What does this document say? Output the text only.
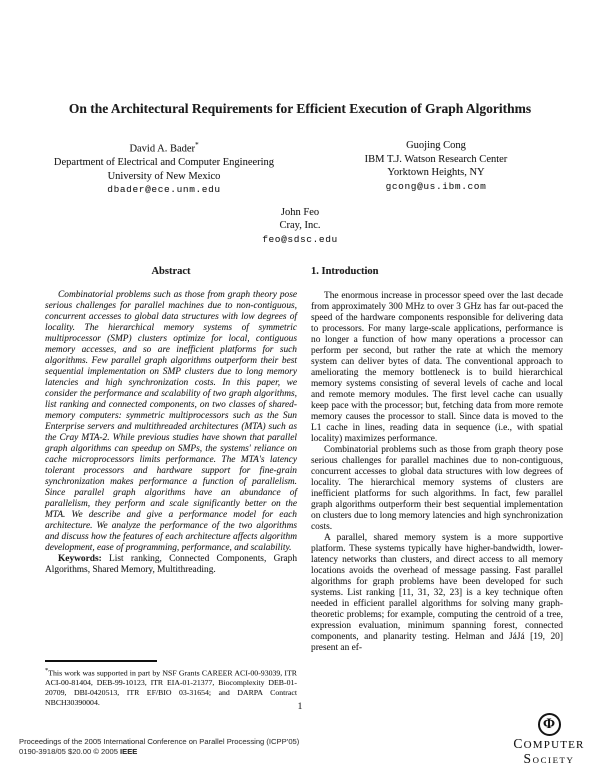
On the Architectural Requirements for Efficient Execution of Graph Algorithms
David A. Bader*
Department of Electrical and Computer Engineering
University of New Mexico
dbader@ece.unm.edu
Guojing Cong
IBM T.J. Watson Research Center
Yorktown Heights, NY
gcong@us.ibm.com
John Feo
Cray, Inc.
feo@sdsc.edu
Abstract

Combinatorial problems such as those from graph theory pose serious challenges for parallel machines due to non-contiguous, concurrent accesses to global data structures with low degrees of locality. The hierarchical memory systems of symmetric multiprocessor (SMP) clusters optimize for local, contiguous memory accesses, and so are inefficient platforms for such algorithms. Few parallel graph algorithms outperform their best sequential implementation on SMP clusters due to long memory latencies and high synchronization costs. In this paper, we consider the performance and scalability of two graph algorithms, list ranking and connected components, on two classes of shared-memory computers: symmetric multiprocessors such as the Sun Enterprise servers and multithreaded architectures (MTA) such as the Cray MTA-2. While previous studies have shown that parallel graph algorithms can speedup on SMPs, the systems' reliance on cache microprocessors limits performance. The MTA's latency tolerant processors and hardware support for fine-grain synchronization makes performance a function of parallelism. Since parallel graph algorithms have an abundance of parallelism, they perform and scale significantly better on the MTA. We describe and give a performance model for each architecture. We analyze the performance of the two algorithms and discuss how the features of each architecture affects algorithm development, ease of programming, performance, and scalability.

Keywords: List ranking, Connected Components, Graph Algorithms, Shared Memory, Multithreading.

*This work was supported in part by NSF Grants CAREER ACI-00-93039, ITR ACI-00-81404, DEB-99-10123, ITR EIA-01-21377, Biocomplexity DEB-01-20709, DBI-0420513, ITR EF/BIO 03-31654; and DARPA Contract NBCH30390004.

1. Introduction

The enormous increase in processor speed over the last decade from approximately 300 MHz to over 3 GHz has far out-paced the speed of the hardware components responsible for delivering data to processors. For many large-scale applications, performance is no longer a function of how many operations a processor can perform per second, but rather the rate at which the memory system can deliver bytes of data. The conventional approach to ameliorating the memory bottleneck is to build hierarchical memory systems consisting of several levels of cache and local and remote memory modules. The first level cache can usually keep pace with the processor; but, fetching data from more remote memory causes the processor to stall. Since data is moved to the L1 cache in lines, reading data in sequence (i.e., with spatial locality) maximizes performance.

Combinatorial problems such as those from graph theory pose serious challenges for parallel machines due to non-contiguous, concurrent accesses to global data structures with low degrees of locality. The hierarchical memory systems of clusters are inefficient platforms for such algorithms. In fact, few parallel graph algorithms outperform their best sequential implementation on clusters due to long memory latencies and high synchronization costs.

A parallel, shared memory system is a more supportive platform. These systems typically have higher-bandwidth, lower-latency networks than clusters, and direct access to all memory locations avoids the overhead of message passing. Fast parallel algorithms for graph problems have been developed for such systems. List ranking [11, 31, 32, 23] is a key technique often needed in efficient parallel algorithms for solving many graph-theoretic problems; for example, computing the centroid of a tree, expression evaluation, minimum spanning forest, connected components, and planarity testing. Helman and JáJá [19, 20] present an ef-

1
Proceedings of the 2005 International Conference on Parallel Processing (ICPP’05)
0190-3918/05 $20.00 © 2005 IEEE
Φ
COMPUTER
SOCIETY
